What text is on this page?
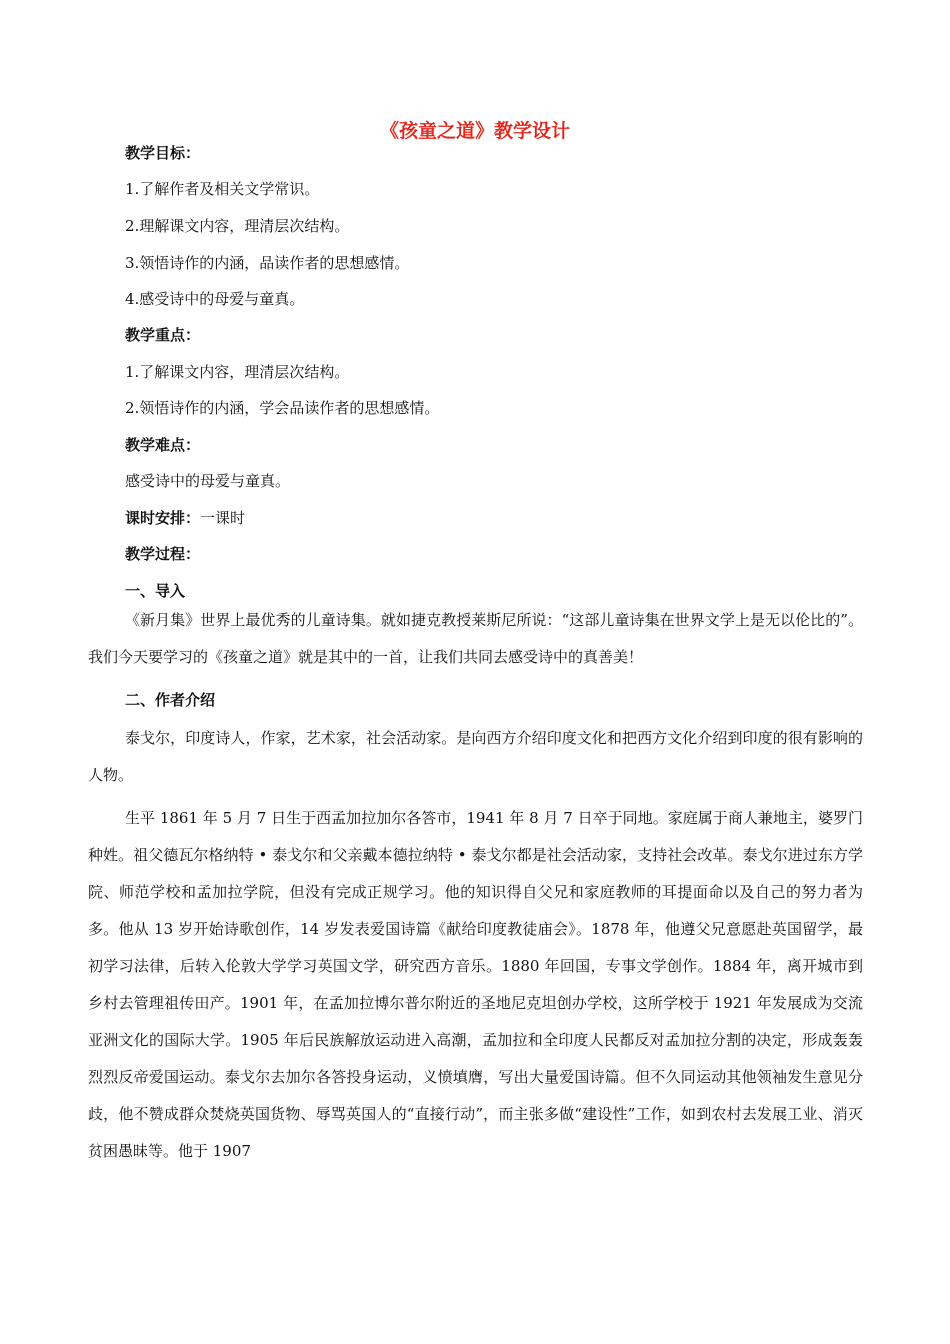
《孩童之道》教学设计
教学目标：
1.了解作者及相关文学常识。
2.理解课文内容，理清层次结构。
3.领悟诗作的内涵，品读作者的思想感情。
4.感受诗中的母爱与童真。
教学重点：
1.了解课文内容，理清层次结构。
2.领悟诗作的内涵，学会品读作者的思想感情。
教学难点：
感受诗中的母爱与童真。
课时安排：一课时
教学过程：
一、导入

《新月集》世界上最优秀的儿童诗集。就如捷克教授莱斯尼所说：“这部儿童诗集在世界文学上是无以伦比的”。我们今天要学习的《孩童之道》就是其中的一首，让我们共同去感受诗中的真善美！

二、作者介绍

泰戈尔，印度诗人，作家，艺术家，社会活动家。是向西方介绍印度文化和把西方文化介绍到印度的很有影响的人物。

生平 1861 年 5 月 7 日生于西孟加拉加尔各答市，1941 年 8 月 7 日卒于同地。家庭属于商人兼地主，婆罗门种姓。祖父德瓦尔格纳特 • 泰戈尔和父亲戴本德拉纳特 • 泰戈尔都是社会活动家，支持社会改革。泰戈尔进过东方学院、师范学校和孟加拉学院，但没有完成正规学习。他的知识得自父兄和家庭教师的耳提面命以及自己的努力者为多。他从 13 岁开始诗歌创作，14 岁发表爱国诗篇《献给印度教徒庙会》。1878 年，他遵父兄意愿赴英国留学，最初学习法律，后转入伦敦大学学习英国文学，研究西方音乐。1880 年回国，专事文学创作。1884 年，离开城市到乡村去管理祖传田产。1901 年，在孟加拉博尔普尔附近的圣地尼克坦创办学校，这所学校于 1921 年发展成为交流亚洲文化的国际大学。1905 年后民族解放运动进入高潮，孟加拉和全印度人民都反对孟加拉分割的决定，形成轰轰烈烈反帝爱国运动。泰戈尔去加尔各答投身运动，义愤填膺，写出大量爱国诗篇。但不久同运动其他领袖发生意见分歧，他不赞成群众焚烧英国货物、辱骂英国人的“直接行动”，而主张多做“建设性”工作，如到农村去发展工业、消灭贫困愚昧等。他于 1907
